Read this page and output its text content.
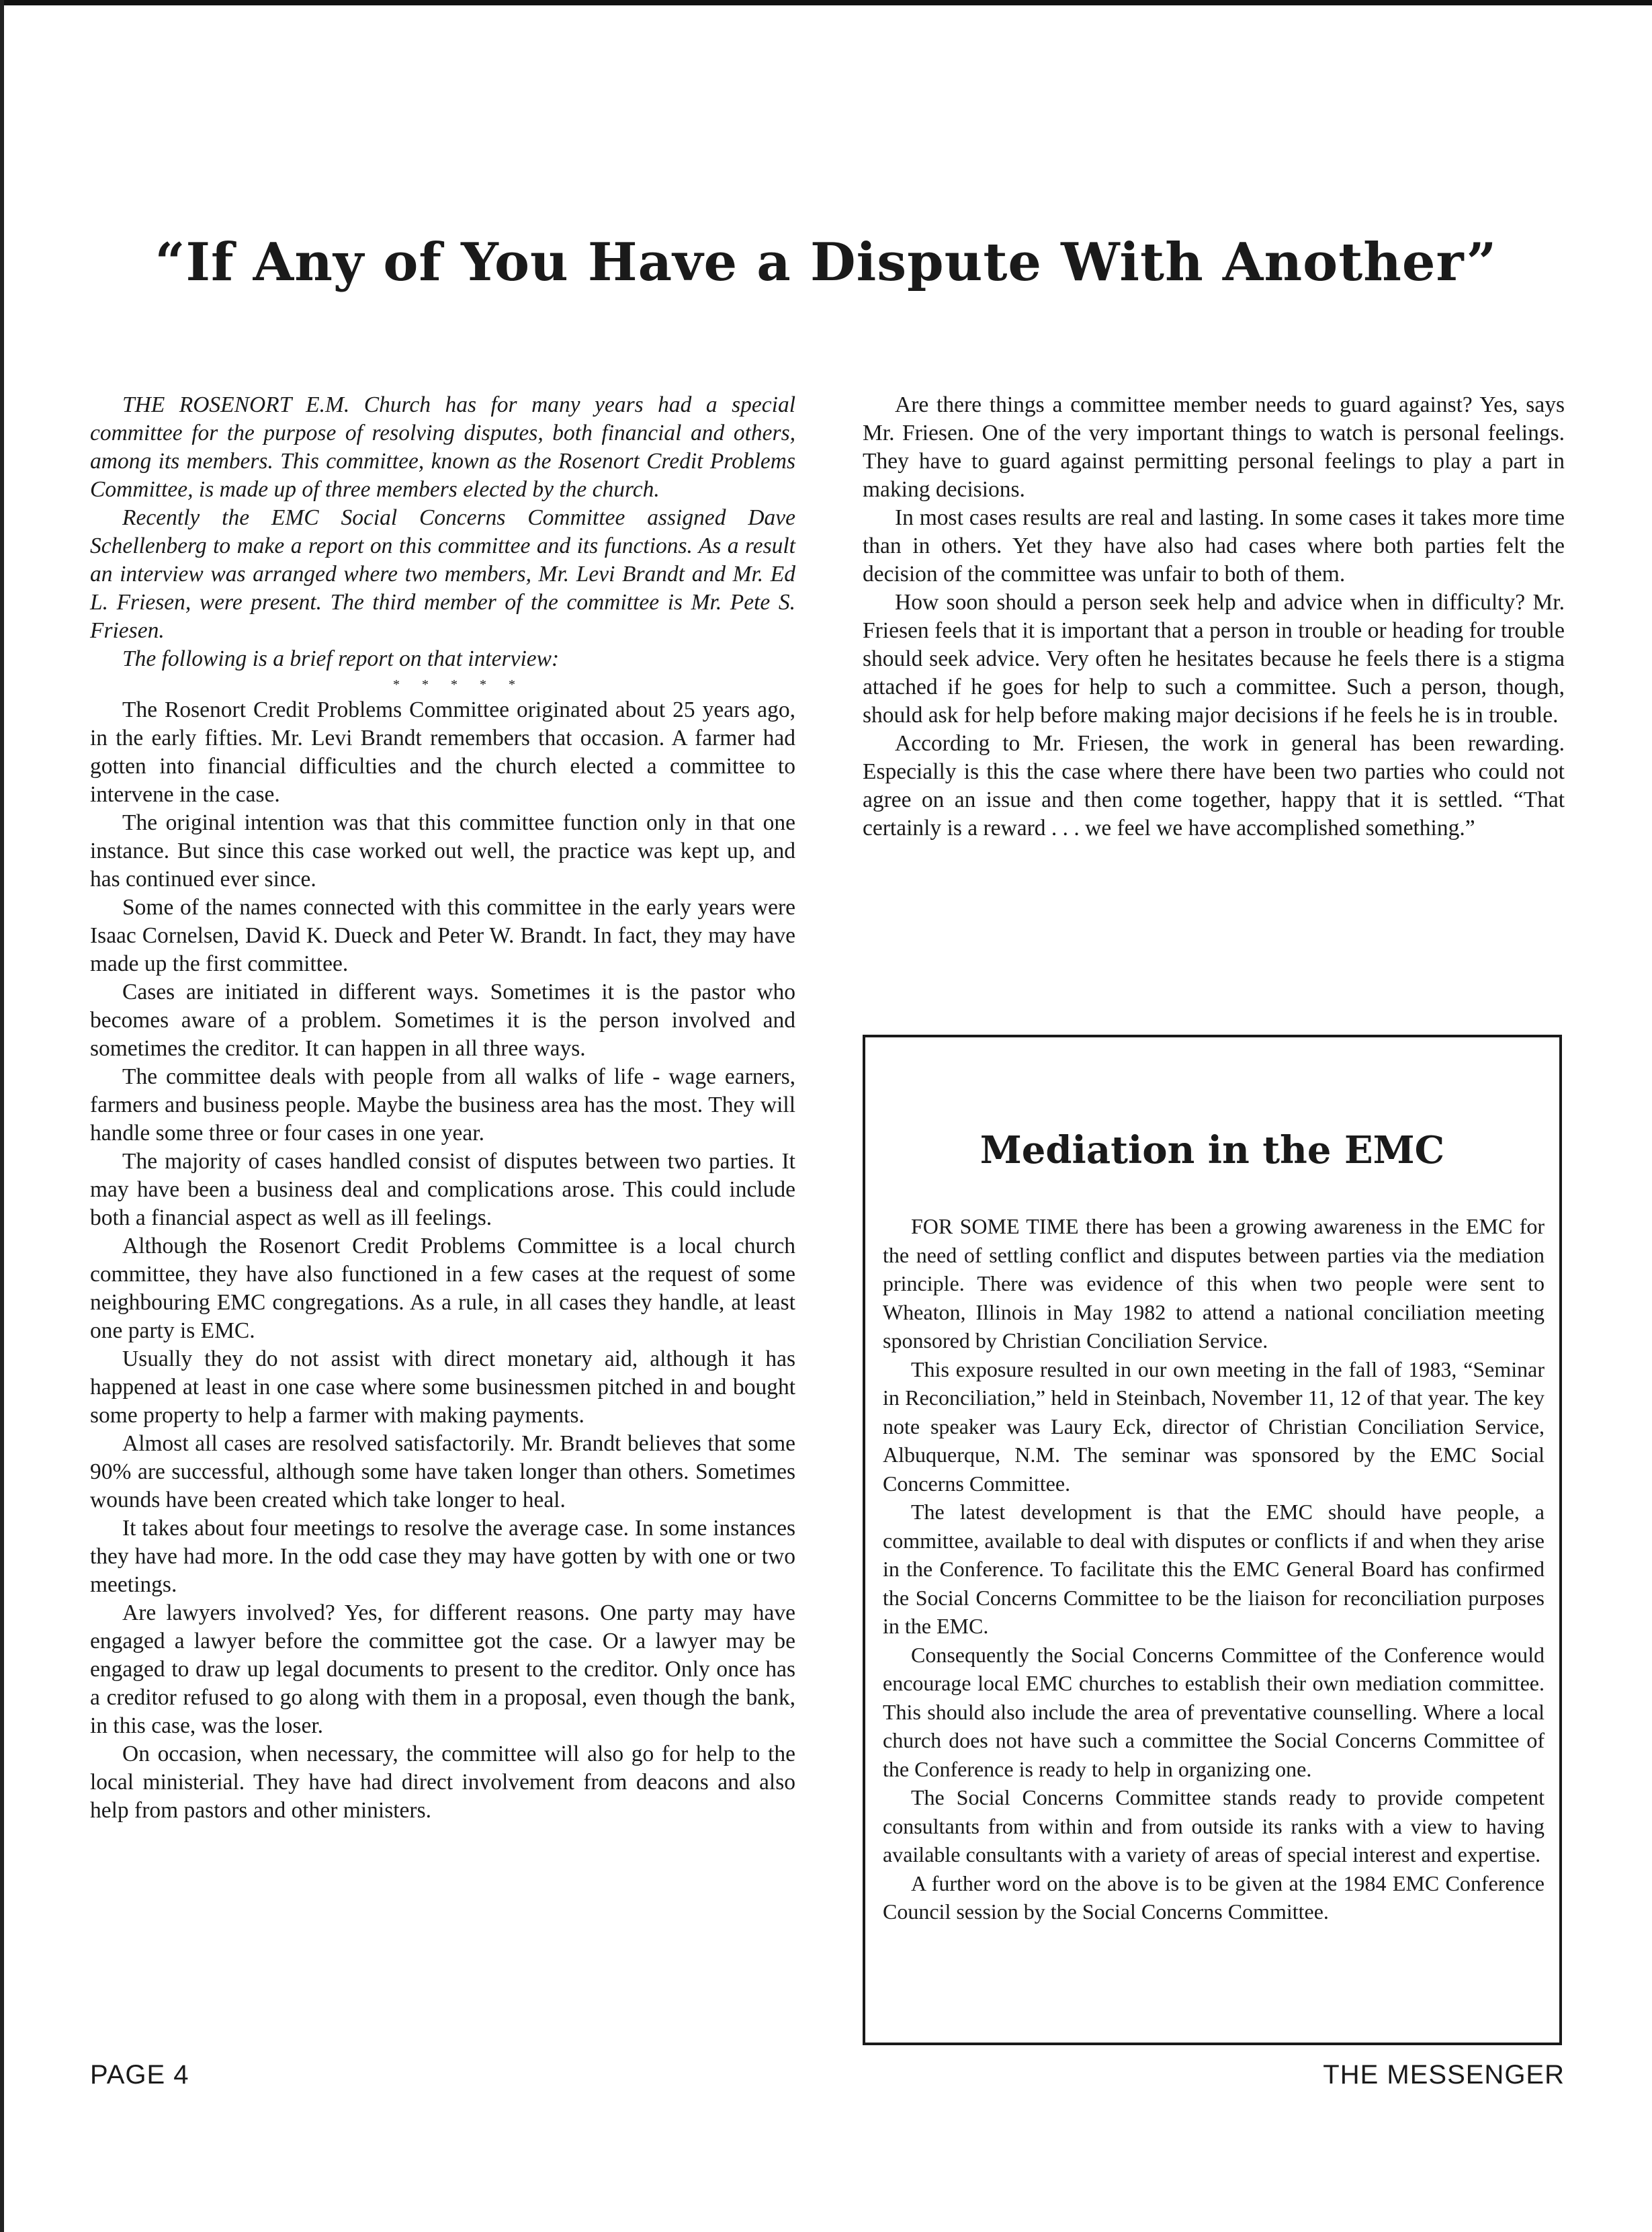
“If Any of You Have a Dispute With Another”

THE ROSENORT E.M. Church has for many years had a special committee for the purpose of resolving disputes, both financial and others, among its members. This committee, known as the Rosenort Credit Problems Committee, is made up of three members elected by the church.

Recently the EMC Social Concerns Committee assigned Dave Schellenberg to make a report on this committee and its functions. As a result an interview was arranged where two members, Mr. Levi Brandt and Mr. Ed L. Friesen, were present. The third member of the committee is Mr. Pete S. Friesen.

The following is a brief report on that interview:

* * * * *

The Rosenort Credit Problems Committee originated about 25 years ago, in the early fifties. Mr. Levi Brandt remembers that occasion. A farmer had gotten into financial difficulties and the church elected a committee to intervene in the case.

The original intention was that this committee function only in that one instance. But since this case worked out well, the practice was kept up, and has continued ever since.

Some of the names connected with this committee in the early years were Isaac Cornelsen, David K. Dueck and Peter W. Brandt. In fact, they may have made up the first committee.

Cases are initiated in different ways. Sometimes it is the pastor who becomes aware of a problem. Sometimes it is the person involved and sometimes the creditor. It can happen in all three ways.

The committee deals with people from all walks of life - wage earners, farmers and business people. Maybe the business area has the most. They will handle some three or four cases in one year.

The majority of cases handled consist of disputes between two parties. It may have been a business deal and complications arose. This could include both a financial aspect as well as ill feelings.

Although the Rosenort Credit Problems Committee is a local church committee, they have also functioned in a few cases at the request of some neighbouring EMC congregations. As a rule, in all cases they handle, at least one party is EMC.

Usually they do not assist with direct monetary aid, although it has happened at least in one case where some businessmen pitched in and bought some property to help a farmer with making payments.

Almost all cases are resolved satisfactorily. Mr. Brandt believes that some 90% are successful, although some have taken longer than others. Sometimes wounds have been created which take longer to heal.

It takes about four meetings to resolve the average case. In some instances they have had more. In the odd case they may have gotten by with one or two meetings.

Are lawyers involved? Yes, for different reasons. One party may have engaged a lawyer before the committee got the case. Or a lawyer may be engaged to draw up legal documents to present to the creditor. Only once has a creditor refused to go along with them in a proposal, even though the bank, in this case, was the loser.

On occasion, when necessary, the committee will also go for help to the local ministerial. They have had direct involvement from deacons and also help from pastors and other ministers.

Are there things a committee member needs to guard against? Yes, says Mr. Friesen. One of the very important things to watch is personal feelings. They have to guard against permitting personal feelings to play a part in making decisions.

In most cases results are real and lasting. In some cases it takes more time than in others. Yet they have also had cases where both parties felt the decision of the committee was unfair to both of them.

How soon should a person seek help and advice when in difficulty? Mr. Friesen feels that it is important that a person in trouble or heading for trouble should seek advice. Very often he hesitates because he feels there is a stigma attached if he goes for help to such a committee. Such a person, though, should ask for help before making major decisions if he feels he is in trouble.

According to Mr. Friesen, the work in general has been rewarding. Especially is this the case where there have been two parties who could not agree on an issue and then come together, happy that it is settled. “That certainly is a reward . . . we feel we have accomplished something.”

Mediation in the EMC

FOR SOME TIME there has been a growing awareness in the EMC for the need of settling conflict and disputes between parties via the mediation principle. There was evidence of this when two people were sent to Wheaton, Illinois in May 1982 to attend a national conciliation meeting sponsored by Christian Conciliation Service.

This exposure resulted in our own meeting in the fall of 1983, “Seminar in Reconciliation,” held in Steinbach, November 11, 12 of that year. The key note speaker was Laury Eck, director of Christian Conciliation Service, Albuquerque, N.M. The seminar was sponsored by the EMC Social Concerns Committee.

The latest development is that the EMC should have people, a committee, available to deal with disputes or conflicts if and when they arise in the Conference. To facilitate this the EMC General Board has confirmed the Social Concerns Committee to be the liaison for reconciliation purposes in the EMC.

Consequently the Social Concerns Committee of the Conference would encourage local EMC churches to establish their own mediation committee. This should also include the area of preventative counselling. Where a local church does not have such a committee the Social Concerns Committee of the Conference is ready to help in organizing one.

The Social Concerns Committee stands ready to provide competent consultants from within and from outside its ranks with a view to having available consultants with a variety of areas of special interest and expertise.

A further word on the above is to be given at the 1984 EMC Conference Council session by the Social Concerns Committee.

PAGE 4	THE MESSENGER
